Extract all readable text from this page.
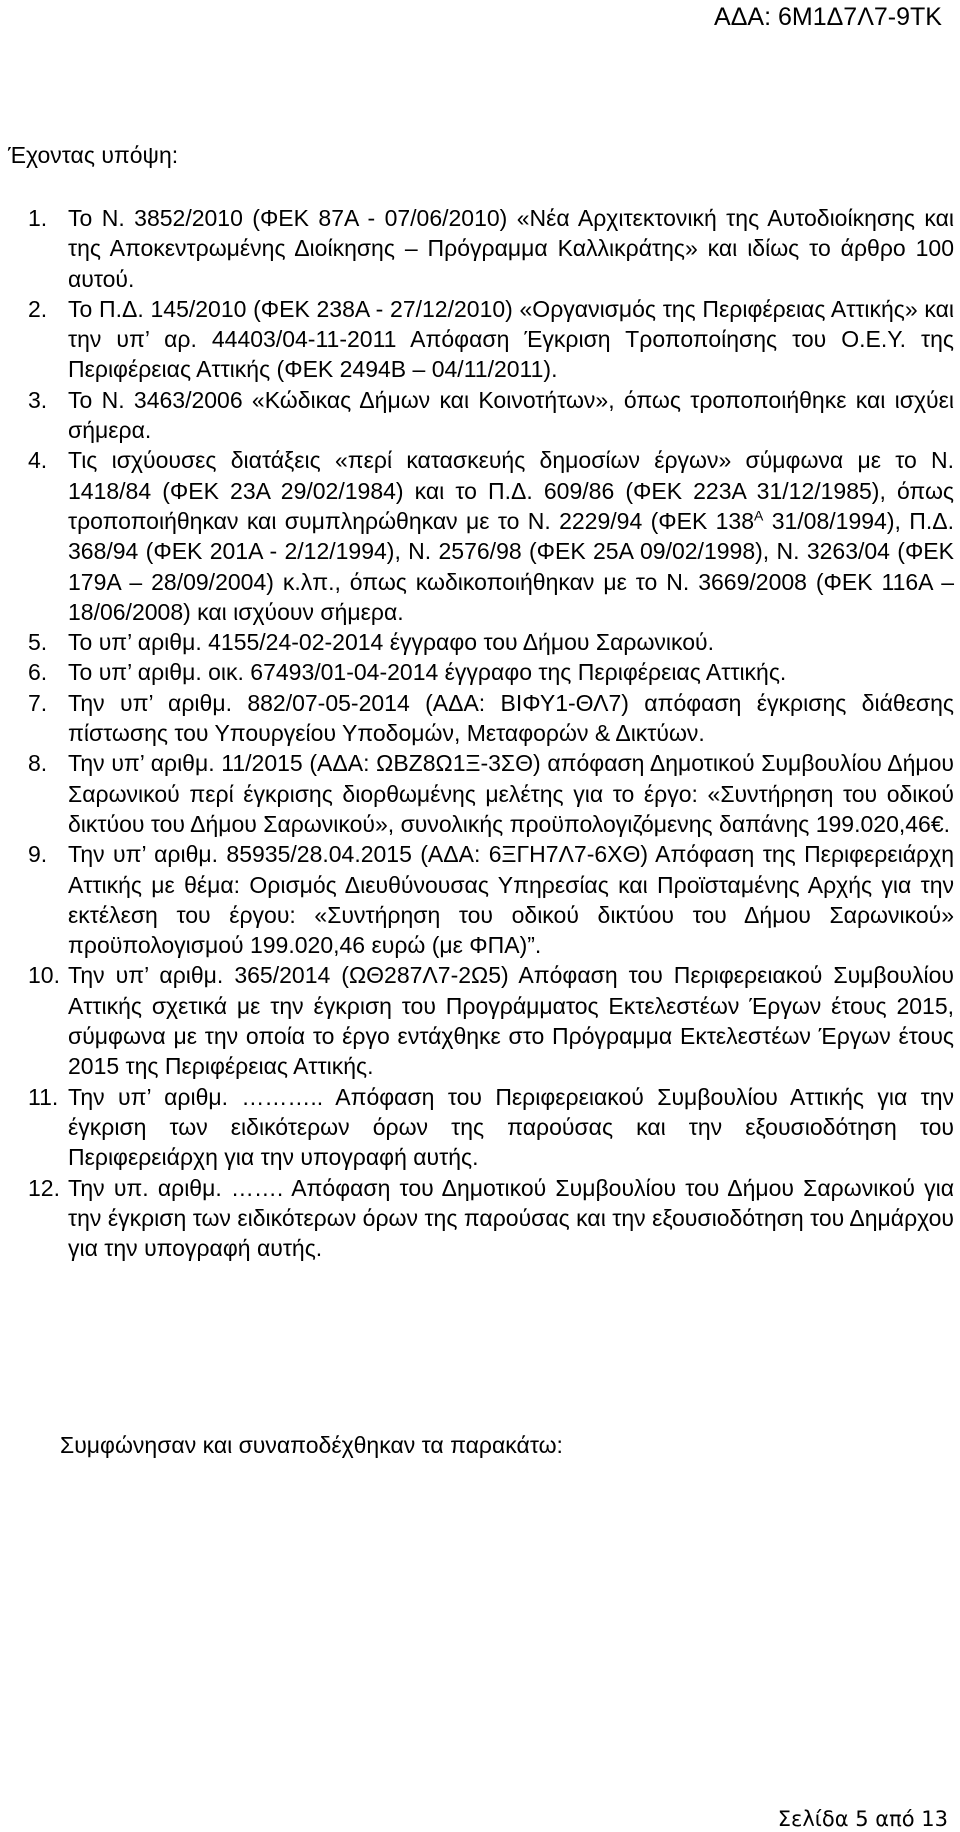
ΑΔΑ: 6Μ1Δ7Λ7-9ΤΚ
Έχοντας υπόψη:
1. Το Ν. 3852/2010 (ΦΕΚ 87Α - 07/06/2010) «Νέα Αρχιτεκτονική της Αυτοδιοίκησης και της Αποκεντρωμένης Διοίκησης – Πρόγραμμα Καλλικράτης» και ιδίως το άρθρο 100 αυτού.
2. Το Π.Δ. 145/2010 (ΦΕΚ 238Α - 27/12/2010) «Οργανισμός της Περιφέρειας Αττικής» και την υπ’ αρ. 44403/04-11-2011 Απόφαση Έγκριση Τροποποίησης του Ο.Ε.Υ. της Περιφέρειας Αττικής (ΦΕΚ 2494Β – 04/11/2011).
3. Το Ν. 3463/2006 «Κώδικας Δήμων και Κοινοτήτων», όπως τροποποιήθηκε και ισχύει σήμερα.
4. Τις ισχύουσες διατάξεις «περί κατασκευής δημοσίων έργων» σύμφωνα με το Ν. 1418/84 (ΦΕΚ 23Α 29/02/1984) και το Π.Δ. 609/86 (ΦΕΚ 223Α 31/12/1985), όπως τροποποιήθηκαν και συμπληρώθηκαν με το Ν. 2229/94 (ΦΕΚ $138^A$ 31/08/1994), Π.Δ. 368/94 (ΦΕΚ 201Α - 2/12/1994), Ν. 2576/98 (ΦΕΚ 25Α 09/02/1998), Ν. 3263/04 (ΦΕΚ 179Α – 28/09/2004) κ.λπ., όπως κωδικοποιήθηκαν με το Ν. 3669/2008 (ΦΕΚ 116Α – 18/06/2008) και ισχύουν σήμερα.
5. Το υπ’ αριθμ. 4155/24-02-2014 έγγραφο του Δήμου Σαρωνικού.
6. Το υπ’ αριθμ. οικ. 67493/01-04-2014 έγγραφο της Περιφέρειας Αττικής.
7. Την υπ’ αριθμ. 882/07-05-2014 (ΑΔΑ: ΒΙΦΥ1-ΘΛ7) απόφαση έγκρισης διάθεσης πίστωσης του Υπουργείου Υποδομών, Μεταφορών & Δικτύων.
8. Την υπ’ αριθμ. 11/2015 (ΑΔΑ: ΩΒΖ8Ω1Ξ-3ΣΘ) απόφαση Δημοτικού Συμβουλίου Δήμου Σαρωνικού περί έγκρισης διορθωμένης μελέτης για το έργο: «Συντήρηση του οδικού δικτύου του Δήμου Σαρωνικού», συνολικής προϋπολογιζόμενης δαπάνης 199.020,46€.
9. Την υπ’ αριθμ. 85935/28.04.2015 (ΑΔΑ: 6ΞΓΗ7Λ7-6ΧΘ) Απόφαση της Περιφερειάρχη Αττικής με θέμα: Ορισμός Διευθύνουσας Υπηρεσίας και Προϊσταμένης Αρχής για την εκτέλεση του έργου: «Συντήρηση του οδικού δικτύου του Δήμου Σαρωνικού» προϋπολογισμού 199.020,46 ευρώ (με ΦΠΑ)”.
10. Την υπ’ αριθμ. 365/2014 (ΩΘ287Λ7-2Ω5) Απόφαση του Περιφερειακού Συμβουλίου Αττικής σχετικά με την έγκριση του Προγράμματος Εκτελεστέων Έργων έτους 2015, σύμφωνα με την οποία το έργο εντάχθηκε στο Πρόγραμμα Εκτελεστέων Έργων έτους 2015 της Περιφέρειας Αττικής.
11. Την υπ’ αριθμ. ……….. Απόφαση του Περιφερειακού Συμβουλίου Αττικής για την έγκριση των ειδικότερων όρων της παρούσας και την εξουσιοδότηση του Περιφερειάρχη για την υπογραφή αυτής.
12. Την υπ. αριθμ. ……. Απόφαση του Δημοτικού Συμβουλίου του Δήμου Σαρωνικού για την έγκριση των ειδικότερων όρων της παρούσας και την εξουσιοδότηση του Δημάρχου για την υπογραφή αυτής.
Συμφώνησαν και συναποδέχθηκαν τα παρακάτω:
Σελίδα 5 από 13
